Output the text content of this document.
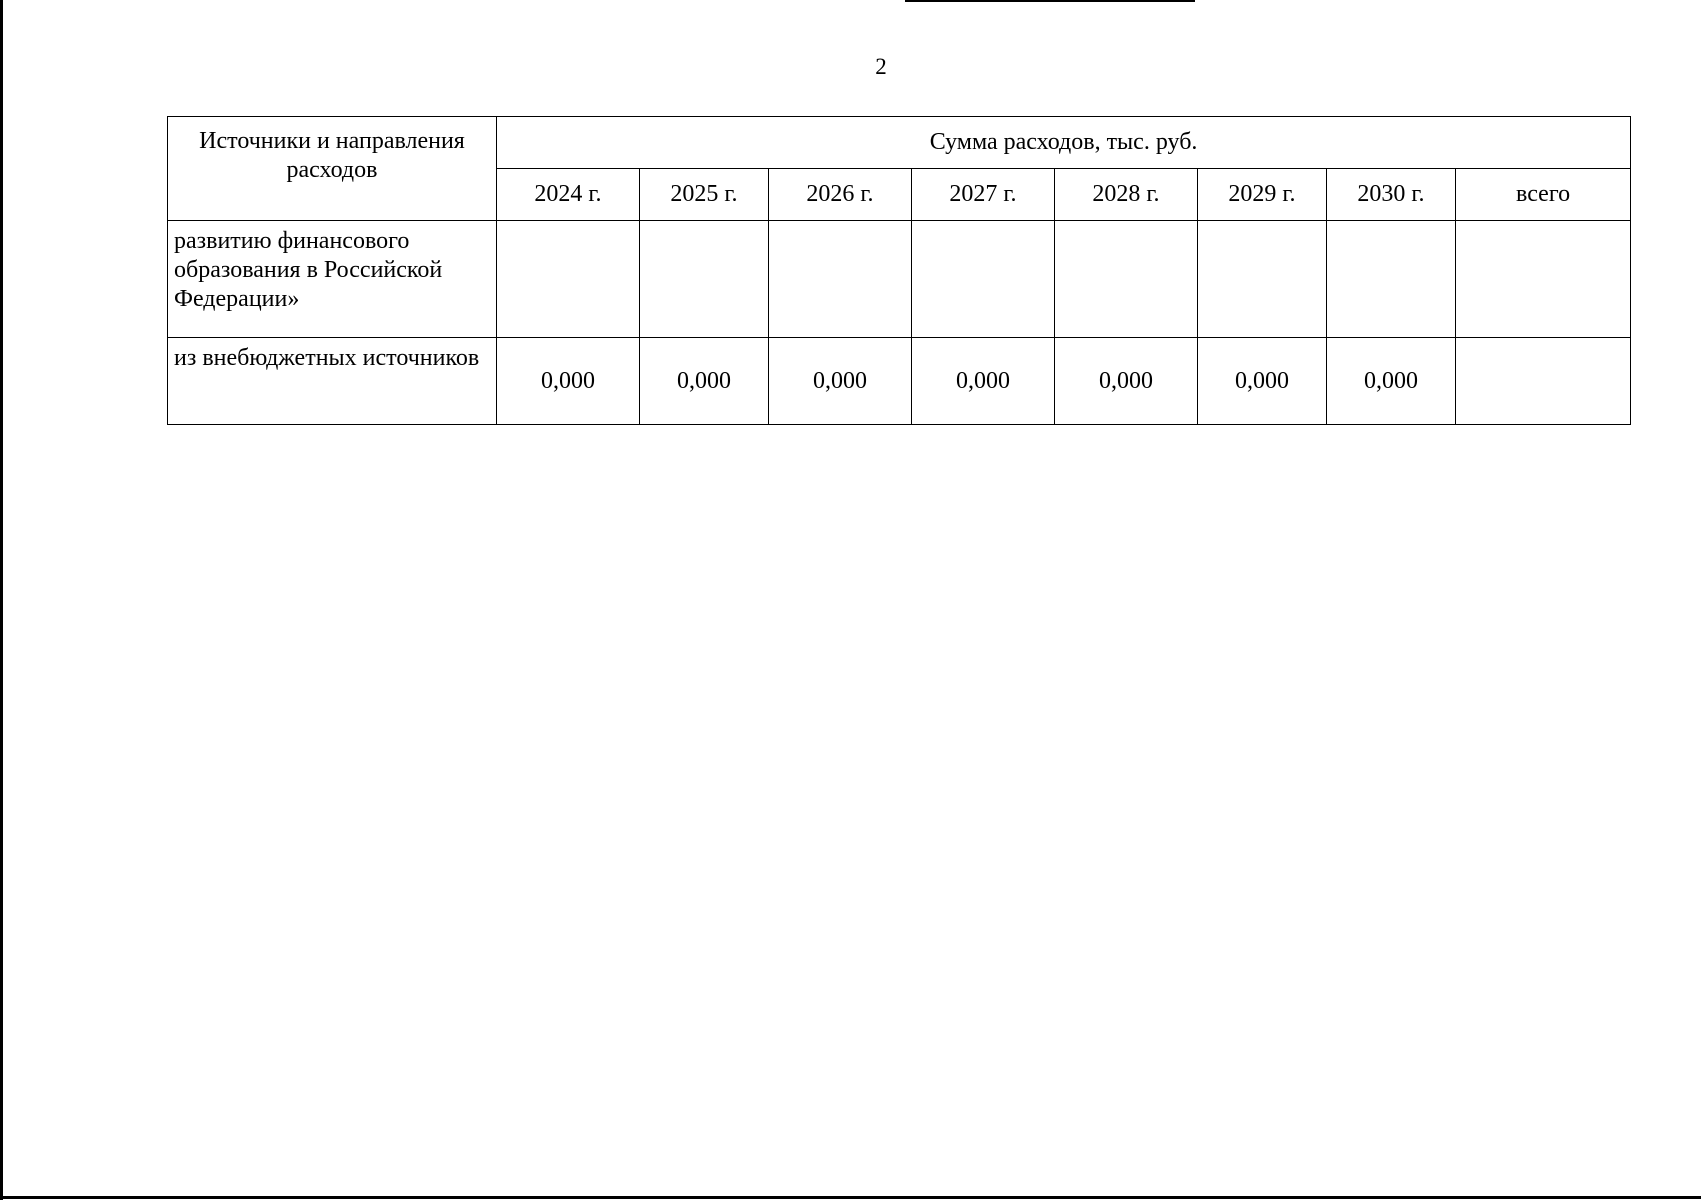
2
Источники и направления расходов	Сумма расходов, тыс. руб.							
	2024 г.	2025 г.	2026 г.	2027 г.	2028 г.	2029 г.	2030 г.	всего
развитию финансового образования в Российской Федерации»								
из внебюджетных источников	0,000	0,000	0,000	0,000	0,000	0,000	0,000	
